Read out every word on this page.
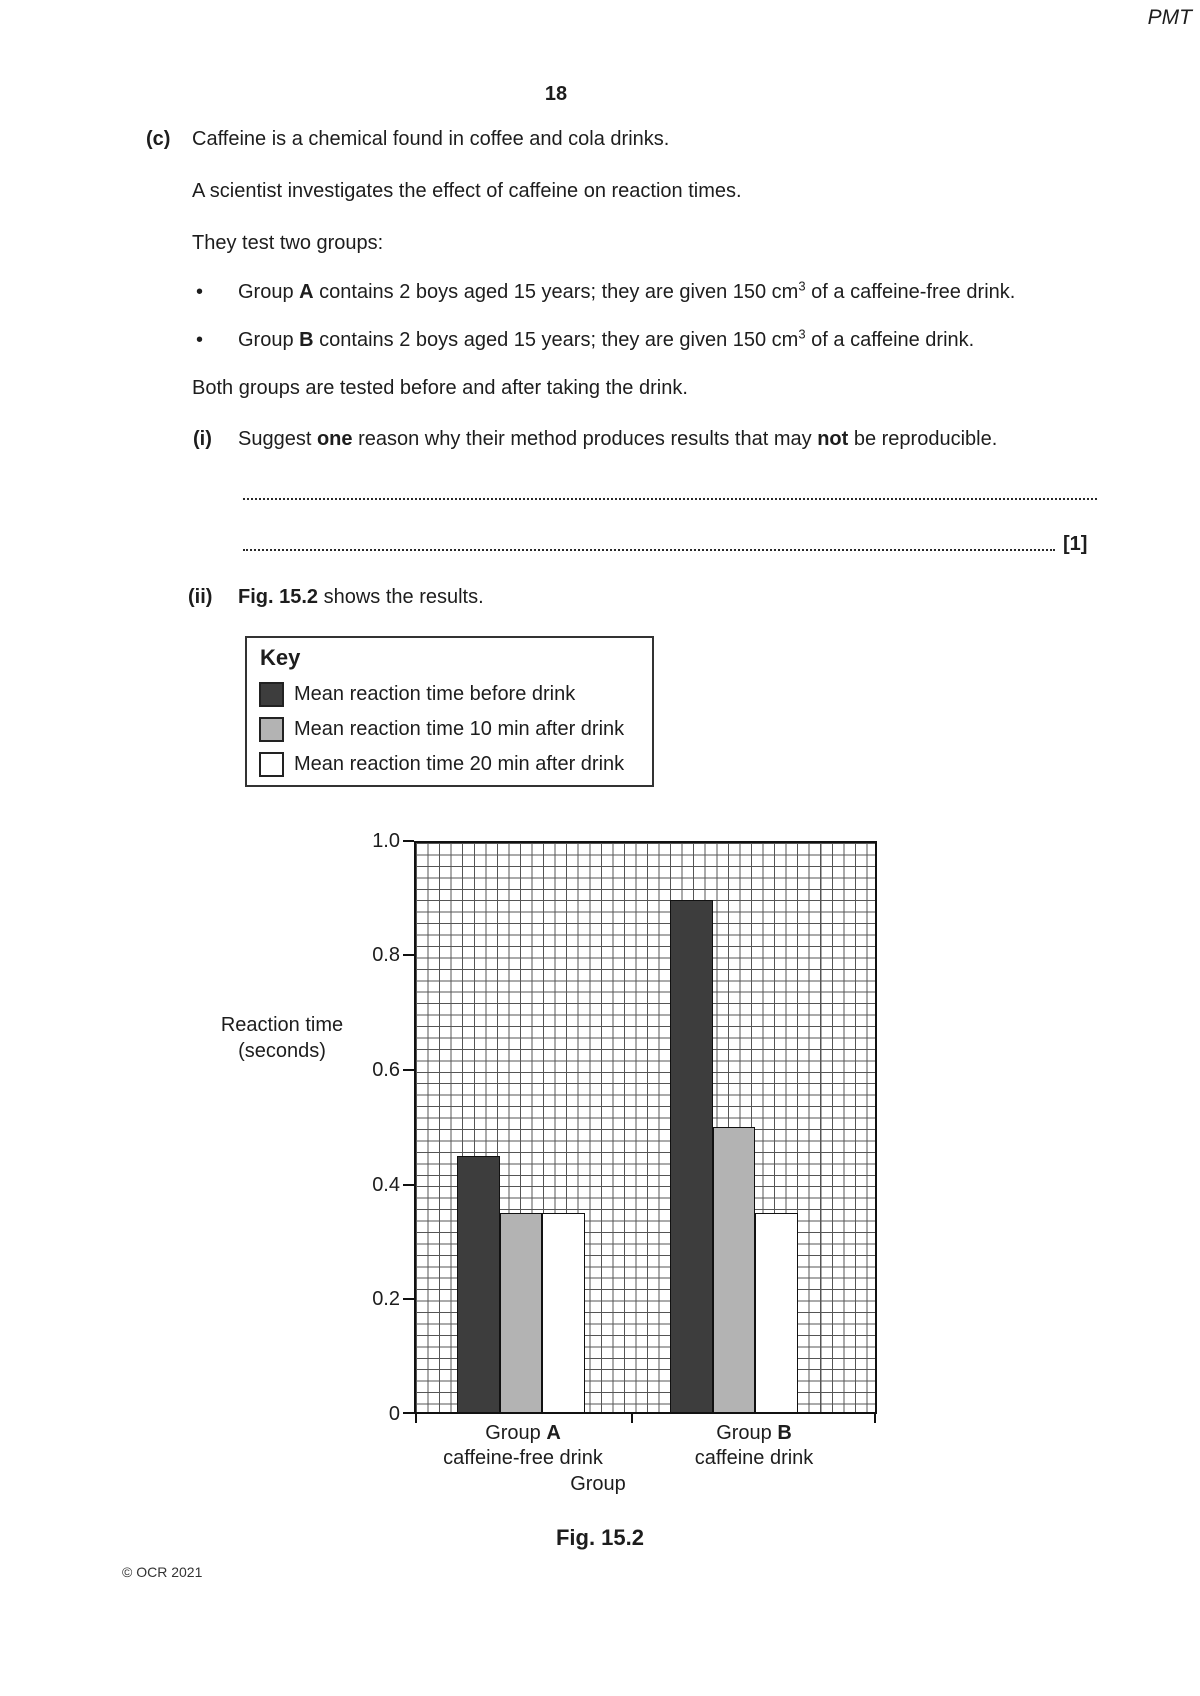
PMT
18
(c) Caffeine is a chemical found in coffee and cola drinks.
A scientist investigates the effect of caffeine on reaction times.
They test two groups:
• Group A contains 2 boys aged 15 years; they are given 150 $cm^3$ of a caffeine-free drink.
• Group B contains 2 boys aged 15 years; they are given 150 $cm^3$ of a caffeine drink.
Both groups are tested before and after taking the drink.
(i) Suggest one reason why their method produces results that may not be reproducible.
[1]
(ii) Fig. 15.2 shows the results.
Key
Mean reaction time before drink
Mean reaction time 10 min after drink
Mean reaction time 20 min after drink
Reaction time
(seconds)
1.0
0.8
0.6
0.4
0.2
0
Group A
caffeine-free drink
Group B
caffeine drink
Group
Fig. 15.2
© OCR 2021
